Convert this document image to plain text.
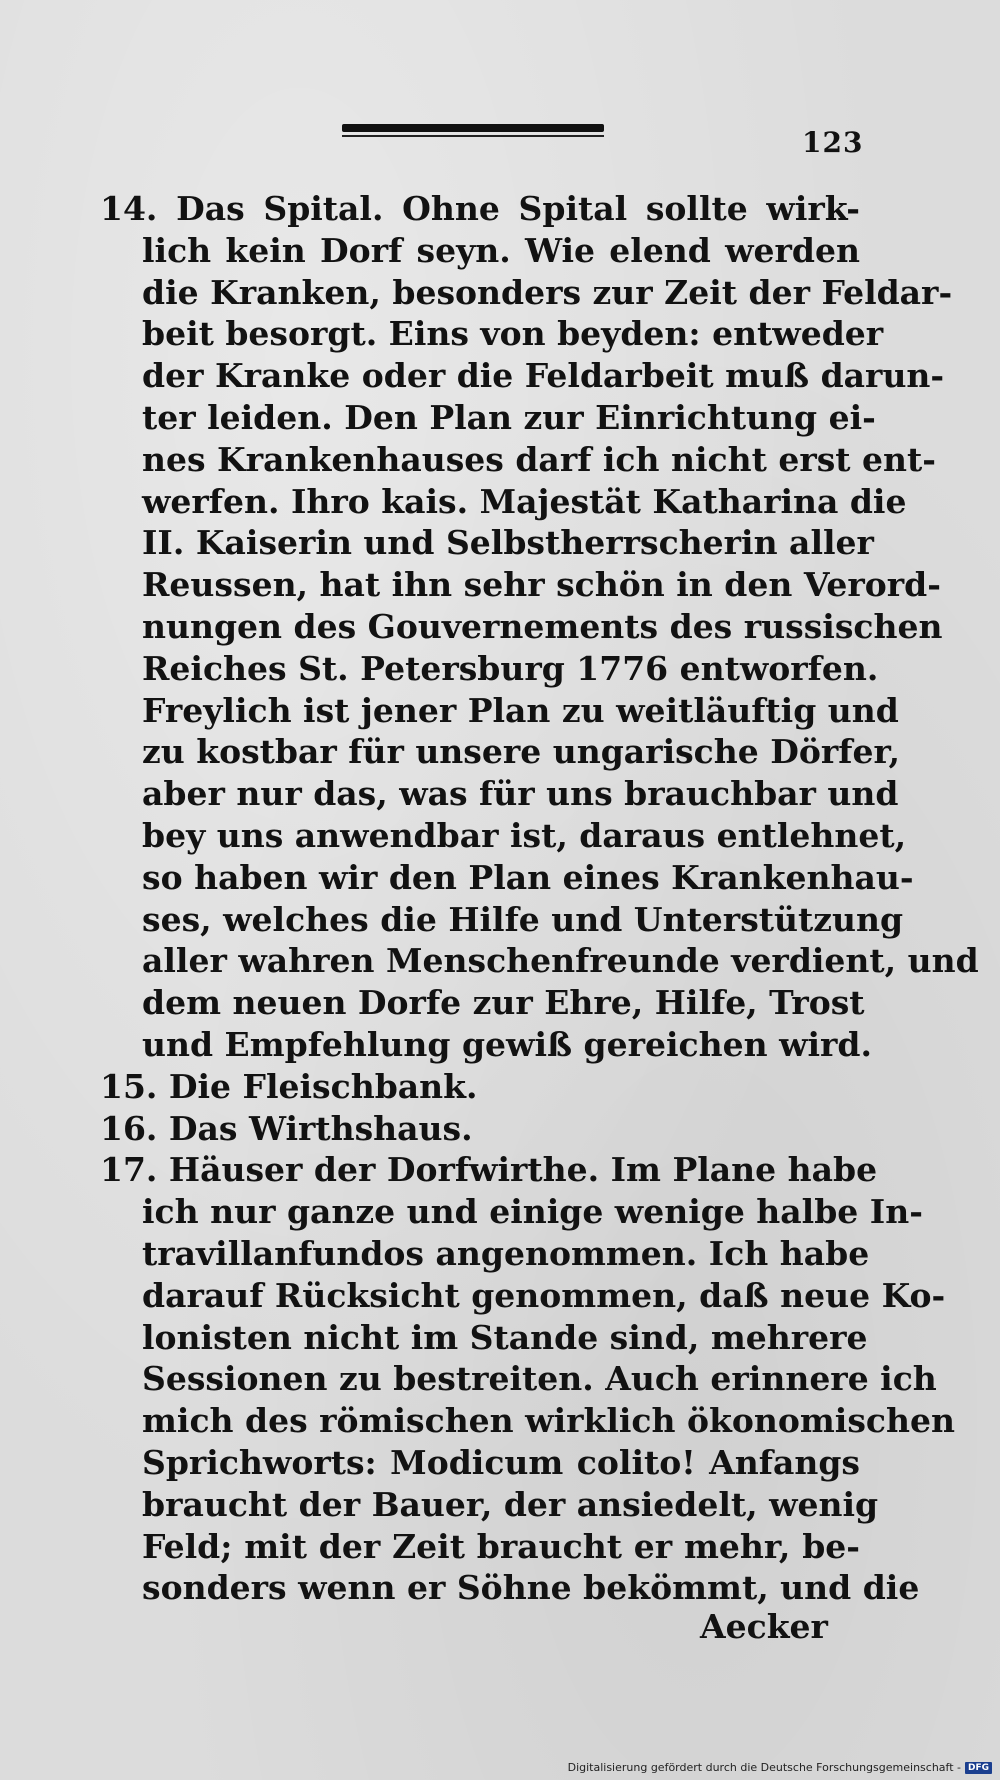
123
14. Das Spital. Ohne Spital sollte wirk-
lich kein Dorf seyn. Wie elend werden
die Kranken, besonders zur Zeit der Feldar-
beit besorgt. Eins von beyden: entweder
der Kranke oder die Feldarbeit muß darun-
ter leiden. Den Plan zur Einrichtung ei-
nes Krankenhauses darf ich nicht erst ent-
werfen. Ihro kais. Majestät Katharina die
II. Kaiserin und Selbstherrscherin aller
Reussen, hat ihn sehr schön in den Verord-
nungen des Gouvernements des russischen
Reiches St. Petersburg 1776 entworfen.
Freylich ist jener Plan zu weitläuftig und
zu kostbar für unsere ungarische Dörfer,
aber nur das, was für uns brauchbar und
bey uns anwendbar ist, daraus entlehnet,
so haben wir den Plan eines Krankenhau-
ses, welches die Hilfe und Unterstützung
aller wahren Menschenfreunde verdient, und
dem neuen Dorfe zur Ehre, Hilfe, Trost
und Empfehlung gewiß gereichen wird.
15. Die Fleischbank.
16. Das Wirthshaus.
17. Häuser der Dorfwirthe. Im Plane habe
ich nur ganze und einige wenige halbe In-
travillanfundos angenommen. Ich habe
darauf Rücksicht genommen, daß neue Ko-
lonisten nicht im Stande sind, mehrere
Sessionen zu bestreiten. Auch erinnere ich
mich des römischen wirklich ökonomischen
Sprichworts: Modicum colito! Anfangs
braucht der Bauer, der ansiedelt, wenig
Feld; mit der Zeit braucht er mehr, be-
sonders wenn er Söhne bekömmt, und die
Aecker
Digitalisierung gefördert durch die Deutsche Forschungsgemeinschaft - DFG
